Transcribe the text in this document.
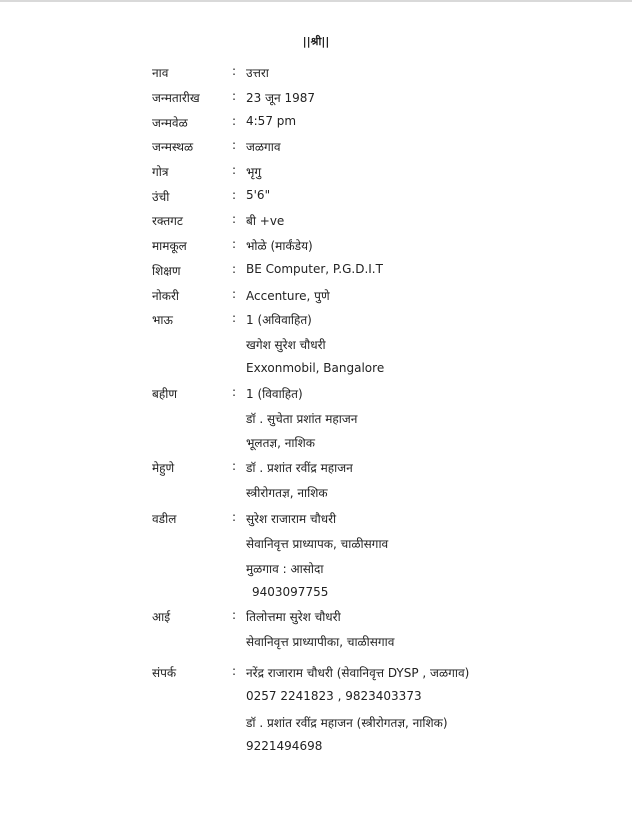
||श्री||
नाव	: उत्तरा
जन्मतारीख	: 23 जून 1987
जन्मवेळ	: 4:57 pm
जन्मस्थळ	: जळगाव
गोत्र	: भृगु
उंची	: 5'6"
रक्तगट	: बी +ve
मामकूल	: भोळे (मार्कंडेय)
शिक्षण	: BE Computer, P.G.D.I.T
नोकरी	: Accenture, पुणे
भाऊ	: 1 (अविवाहित)
खगेश सुरेश चौधरी
Exxonmobil, Bangalore
बहीण	: 1 (विवाहित)
डॉ . सुचेता प्रशांत महाजन
भूलतज्ञ, नाशिक
मेहुणे	: डॉ . प्रशांत रवींद्र महाजन
स्त्रीरोगतज्ञ, नाशिक
वडील	: सुरेश राजाराम चौधरी
सेवानिवृत्त प्राध्यापक, चाळीसगाव
मुळगाव : आसोदा
9403097755
आई	: तिलोत्तमा सुरेश चौधरी
सेवानिवृत्त प्राध्यापीका, चाळीसगाव
संपर्क	: नरेंद्र राजाराम चौधरी (सेवानिवृत्त DYSP , जळगाव)
0257 2241823 , 9823403373
डॉ . प्रशांत रवींद्र महाजन (स्त्रीरोगतज्ञ, नाशिक)
9221494698
